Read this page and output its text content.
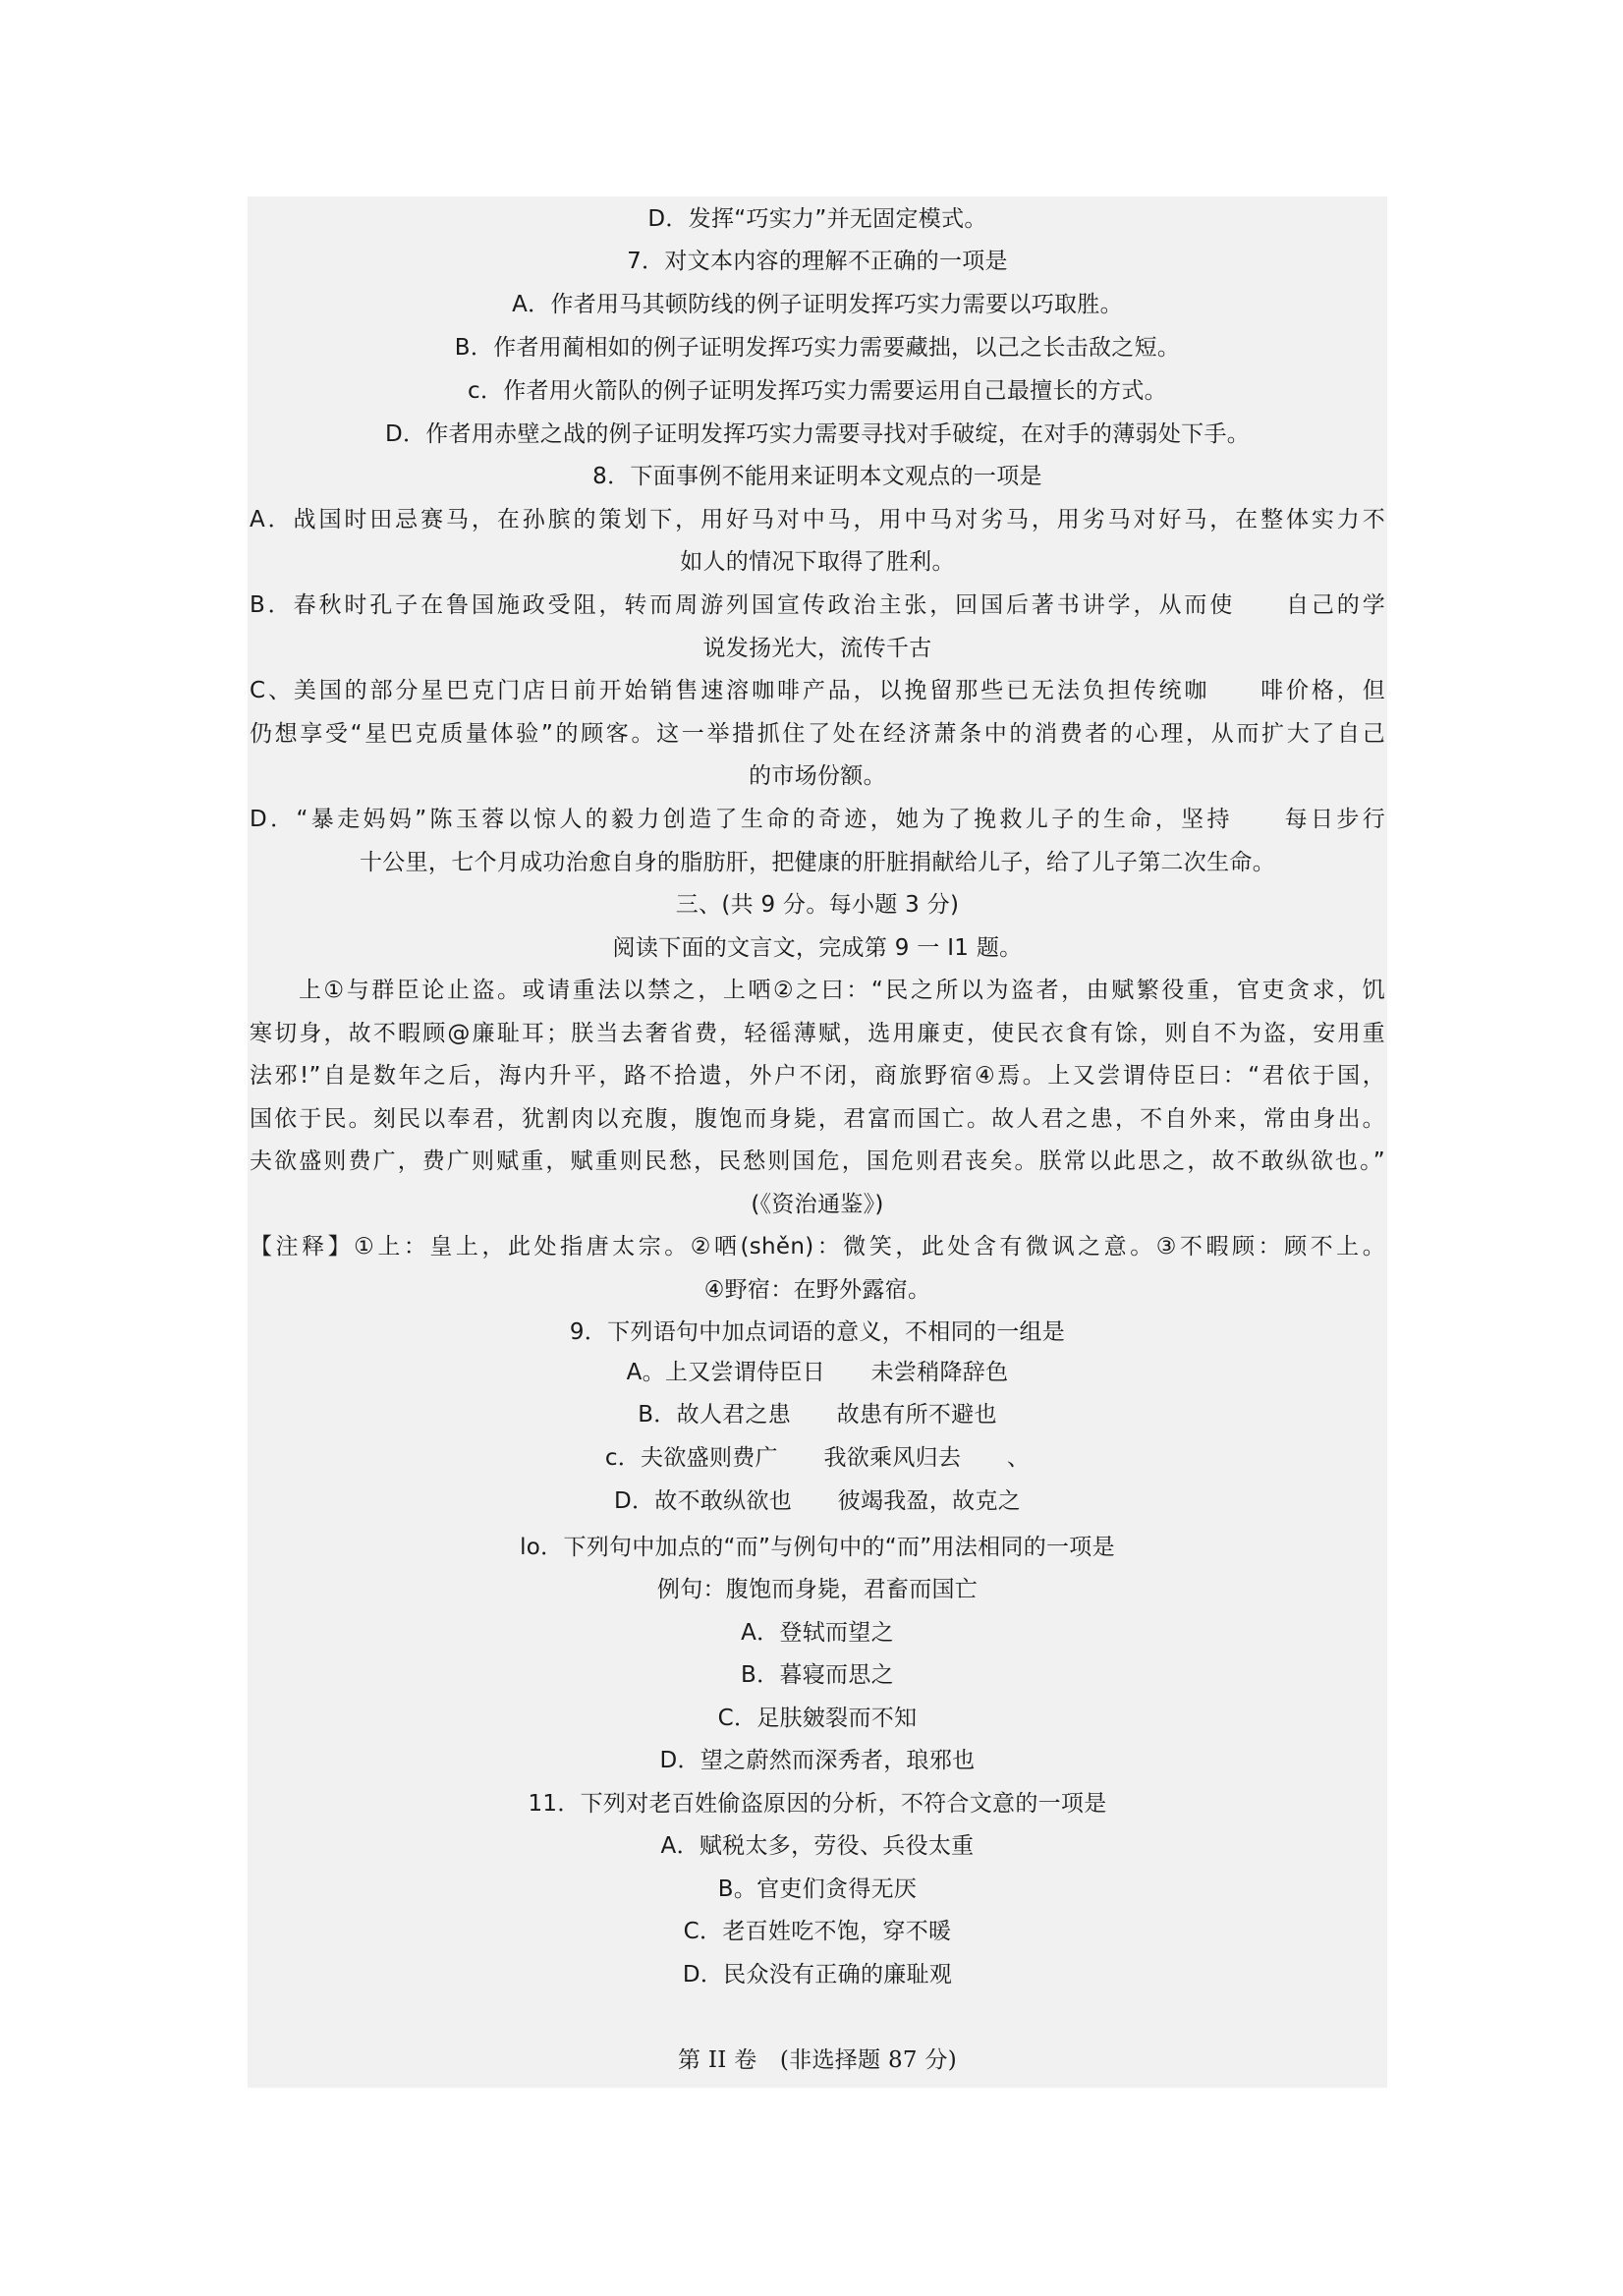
D．发挥“巧实力”并无固定模式。
7．对文本内容的理解不正确的一项是
A．作者用马其顿防线的例子证明发挥巧实力需要以巧取胜。
B．作者用蔺相如的例子证明发挥巧实力需要藏拙，以己之长击敌之短。
c．作者用火箭队的例子证明发挥巧实力需要运用自己最擅长的方式。
D．作者用赤壁之战的例子证明发挥巧实力需要寻找对手破绽，在对手的薄弱处下手。
8．下面事例不能用来证明本文观点的一项是
A．战国时田忌赛马，在孙膑的策划下，用好马对中马，用中马对劣马，用劣马对好马，在整体实力不
如人的情况下取得了胜利。
B．春秋时孔子在鲁国施政受阻，转而周游列国宣传政治主张，回国后著书讲学，从而使　　自己的学
说发扬光大，流传千古
C、美国的部分星巴克门店日前开始销售速溶咖啡产品，以挽留那些已无法负担传统咖　　啡价格，但
仍想享受“星巴克质量体验”的顾客。这一举措抓住了处在经济萧条中的消费者的心理，从而扩大了自己
的市场份额。
D．“暴走妈妈”陈玉蓉以惊人的毅力创造了生命的奇迹，她为了挽救儿子的生命，坚持　　每日步行
十公里，七个月成功治愈自身的脂肪肝，把健康的肝脏捐献给儿子，给了儿子第二次生命。
三、(共 9 分。每小题 3 分)
阅读下面的文言文，完成第 9 一 I1 题。
上①与群臣论止盗。或请重法以禁之，上哂②之曰：“民之所以为盗者，由赋繁役重，官吏贪求，饥
寒切身，故不暇顾@廉耻耳；朕当去奢省费，轻徭薄赋，选用廉吏，使民衣食有馀，则自不为盗，安用重
法邪!”自是数年之后，海内升平，路不拾遗，外户不闭，商旅野宿④焉。上又尝谓侍臣曰：“君依于国，
国依于民。刻民以奉君，犹割肉以充腹，腹饱而身毙，君富而国亡。故人君之患，不自外来，常由身出。
夫欲盛则费广，费广则赋重，赋重则民愁，民愁则国危，国危则君丧矣。朕常以此思之，故不敢纵欲也。”
(《资治通鉴》)
【注释】①上：皇上，此处指唐太宗。②哂(shěn)：微笑，此处含有微讽之意。③不暇顾：顾不上。
④野宿：在野外露宿。
9．下列语句中加点词语的意义，不相同的一组是
A。上又尝谓侍臣日　　未尝稍降辞色
B．故人君之患　　故患有所不避也
c．夫欲盛则费广　　我欲乘风归去　　、
D．故不敢纵欲也　　彼竭我盈，故克之
lo．下列句中加点的“而”与例句中的“而”用法相同的一项是
例句：腹饱而身毙，君畜而国亡
A．登轼而望之
B．暮寝而思之
C．足肤皴裂而不知
D．望之蔚然而深秀者，琅邪也
11．下列对老百姓偷盗原因的分析，不符合文意的一项是
A．赋税太多，劳役、兵役太重
B。官吏们贪得无厌
C．老百姓吃不饱，穿不暖
D．民众没有正确的廉耻观
第 II 卷　(非选择题 87 分)
